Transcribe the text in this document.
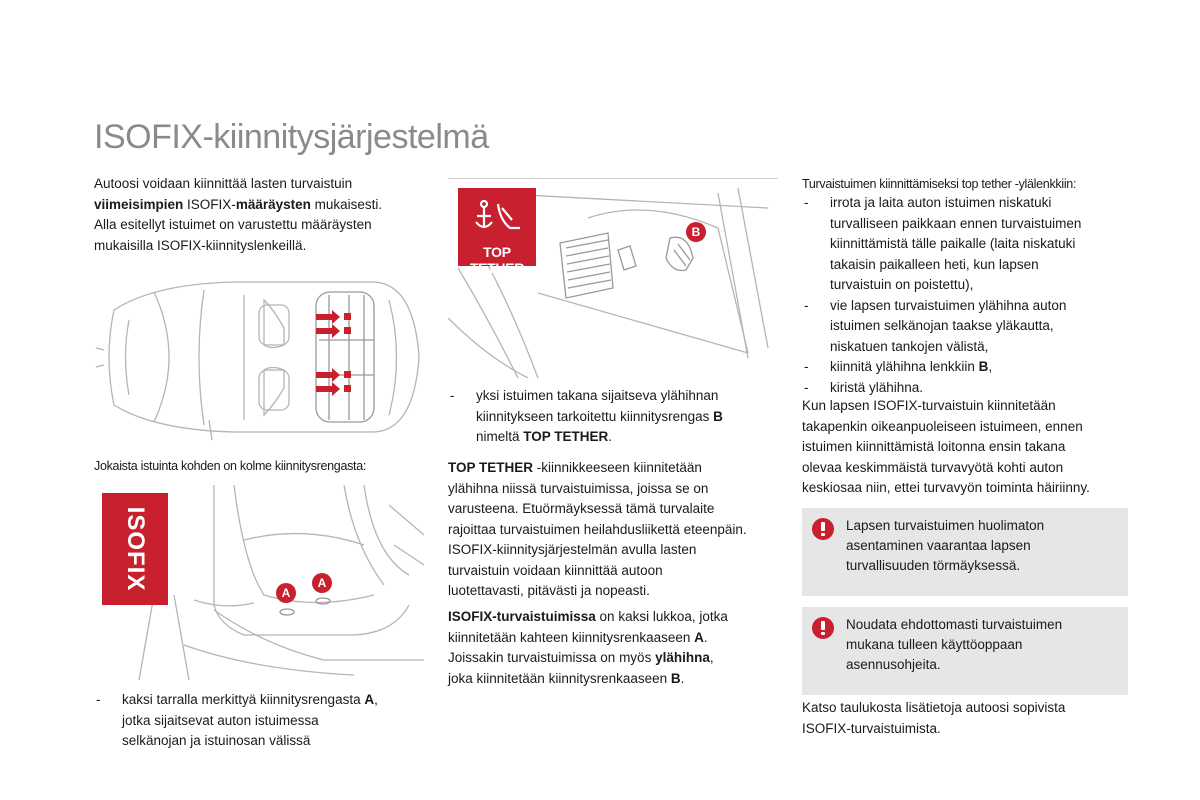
ISOFIX-kiinnitysjärjestelmä
Autoosi voidaan kiinnittää lasten turvaistuin
viimeisimpien ISOFIX-määräysten mukaisesti.
Alla esitellyt istuimet on varustettu määräysten
mukaisilla ISOFIX-kiinnityslenkeillä.
Jokaista istuinta kohden on kolme kiinnitysrengasta:
ISOFIX
A
A
- kaksi tarralla merkittyä kiinnitysrengasta A,
jotka sijaitsevat auton istuimessa
selkänojan ja istuinosan välissä
TOP TETHER
B
- yksi istuimen takana sijaitseva ylähihnan
kiinnitykseen tarkoitettu kiinnitysrengas B
nimeltä TOP TETHER.
TOP TETHER -kiinnikkeeseen kiinnitetään
ylähihna niissä turvaistuimissa, joissa se on
varusteena. Etuörmäyksessä tämä turvalaite
rajoittaa turvaistuimen heilahdusliikettä eteenpäin.
ISOFIX-kiinnitysjärjestelmän avulla lasten
turvaistuin voidaan kiinnittää autoon
luotettavasti, pitävästi ja nopeasti.
ISOFIX-turvaistuimissa on kaksi lukkoa, jotka
kiinnitetään kahteen kiinnitysrenkaaseen A.
Joissakin turvaistuimissa on myös ylähihna,
joka kiinnitetään kiinnitysrenkaaseen B.
Turvaistuimen kiinnittämiseksi top tether -ylälenkkiin:
- irrota ja laita auton istuimen niskatuki
turvalliseen paikkaan ennen turvaistuimen
kiinnittämistä tälle paikalle (laita niskatuki
takaisin paikalleen heti, kun lapsen
turvaistuin on poistettu),
- vie lapsen turvaistuimen ylähihna auton
istuimen selkänojan taakse yläkautta,
niskatuen tankojen välistä,
- kiinnitä ylähihna lenkkiin B,
- kiristä ylähihna.
Kun lapsen ISOFIX-turvaistuin kiinnitetään
takapenkin oikeanpuoleiseen istuimeen, ennen
istuimen kiinnittämistä loitonna ensin takana
olevaa keskimmäistä turvavyötä kohti auton
keskiosaa niin, ettei turvavyön toiminta häiriinny.
Lapsen turvaistuimen huolimaton
asentaminen vaarantaa lapsen
turvallisuuden törmäyksessä.
Noudata ehdottomasti turvaistuimen
mukana tulleen käyttöoppaan
asennusohjeita.
Katso taulukosta lisätietoja autoosi sopivista
ISOFIX-turvaistuimista.
